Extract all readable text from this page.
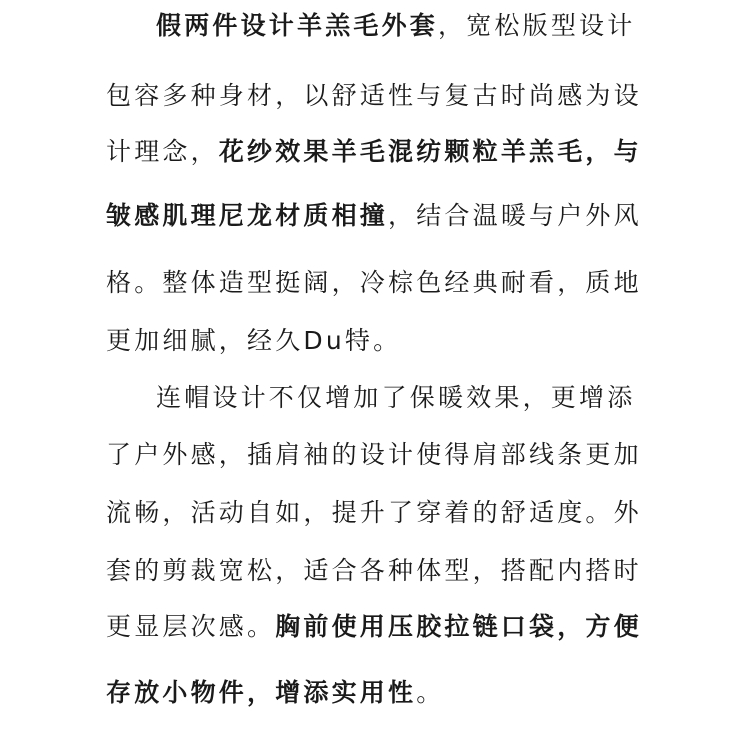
假两件设计羊羔毛外套，宽松版型设计
包容多种身材，以舒适性与复古时尚感为设
计理念，花纱效果羊毛混纺颗粒羊羔毛，与
皱感肌理尼龙材质相撞，结合温暖与户外风
格。整体造型挺阔，冷棕色经典耐看，质地
更加细腻，经久Du特。
连帽设计不仅增加了保暖效果，更增添
了户外感，插肩袖的设计使得肩部线条更加
流畅，活动自如，提升了穿着的舒适度。外
套的剪裁宽松，适合各种体型，搭配内搭时
更显层次感。胸前使用压胶拉链口袋，方便
存放小物件，增添实用性。
